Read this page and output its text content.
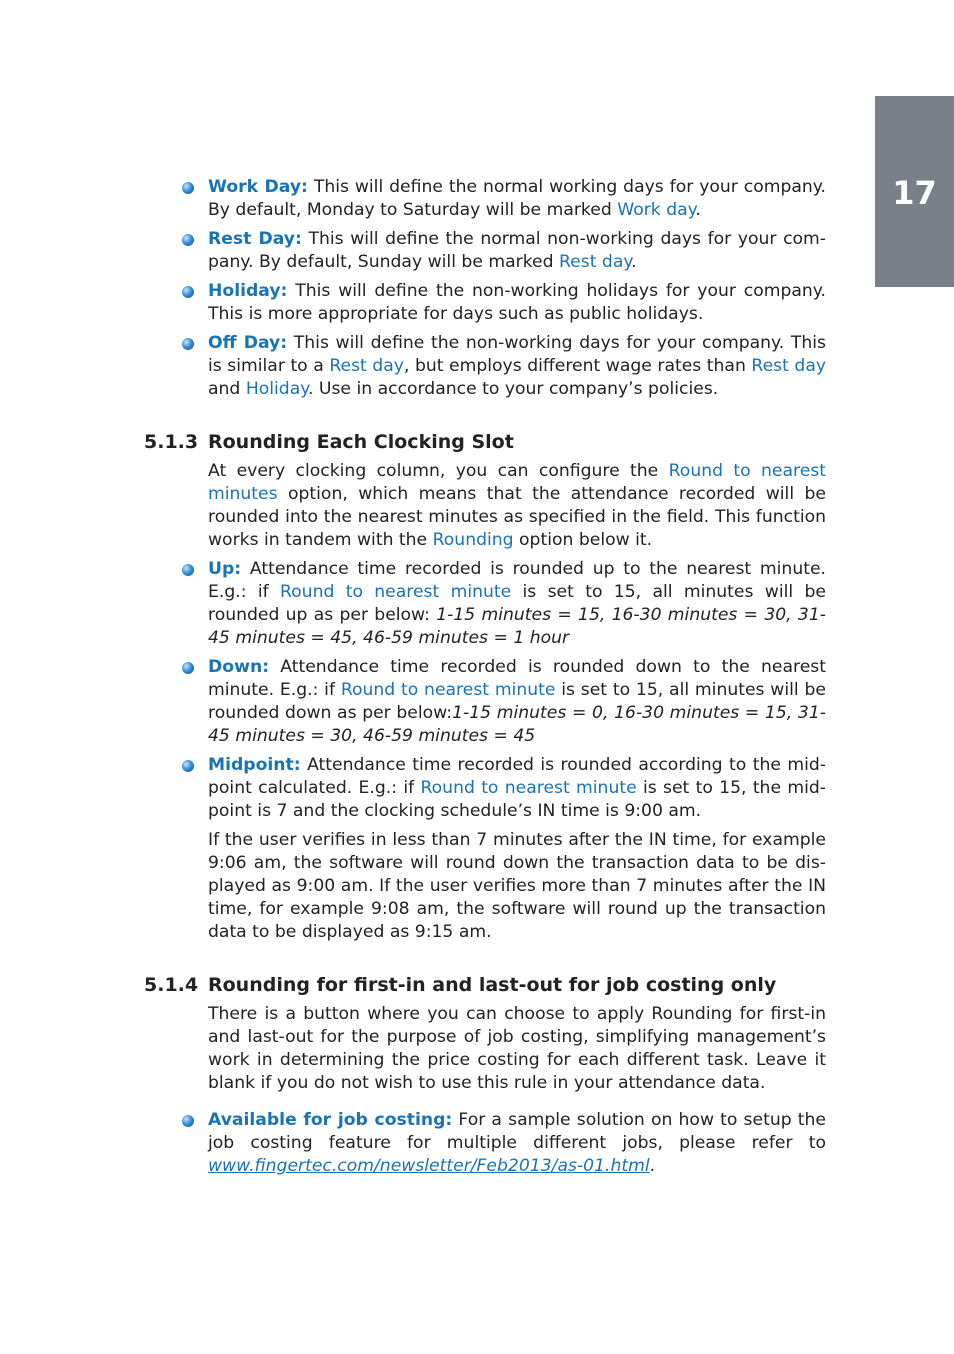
17

Work Day: This will define the normal working days for your company. By default, Monday to Saturday will be marked Work day.

Rest Day: This will define the normal non-working days for your com-pany. By default, Sunday will be marked Rest day.

Holiday: This will define the non-working holidays for your company. This is more appropriate for days such as public holidays.

Off Day: This will define the non-working days for your company. This is similar to a Rest day, but employs different wage rates than Rest day and Holiday. Use in accordance to your company’s policies.

5.1.3 Rounding Each Clocking Slot

At every clocking column, you can configure the Round to nearest minutes option, which means that the attendance recorded will be rounded into the nearest minutes as specified in the field. This function works in tandem with the Rounding option below it.

Up: Attendance time recorded is rounded up to the nearest minute. E.g.: if Round to nearest minute is set to 15, all minutes will be rounded up as per below: 1-15 minutes = 15, 16-30 minutes = 30, 31-45 minutes = 45, 46-59 minutes = 1 hour

Down: Attendance time recorded is rounded down to the nearest minute. E.g.: if Round to nearest minute is set to 15, all minutes will be rounded down as per below:1-15 minutes = 0, 16-30 minutes = 15, 31-45 minutes = 30, 46-59 minutes = 45

Midpoint: Attendance time recorded is rounded according to the mid-point calculated. E.g.: if Round to nearest minute is set to 15, the mid-point is 7 and the clocking schedule’s IN time is 9:00 am.

If the user verifies in less than 7 minutes after the IN time, for example 9:06 am, the software will round down the transaction data to be dis-played as 9:00 am. If the user verifies more than 7 minutes after the IN time, for example 9:08 am, the software will round up the transaction data to be displayed as 9:15 am.

5.1.4 Rounding for first-in and last-out for job costing only

There is a button where you can choose to apply Rounding for first-in and last-out for the purpose of job costing, simplifying management’s work in determining the price costing for each different task. Leave it blank if you do not wish to use this rule in your attendance data.

Available for job costing: For a sample solution on how to setup the job costing feature for multiple different jobs, please refer to www.fingertec.com/newsletter/Feb2013/as-01.html.
